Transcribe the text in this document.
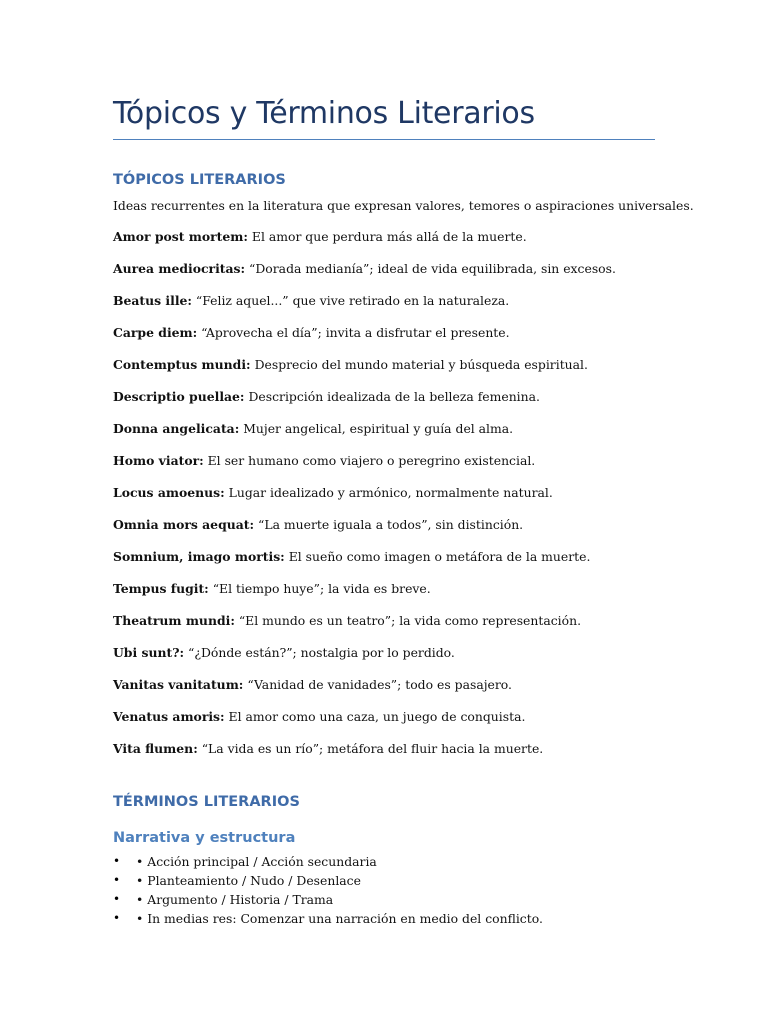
Tópicos y Términos Literarios
TÓPICOS LITERARIOS

Ideas recurrentes en la literatura que expresan valores, temores o aspiraciones universales.

Amor post mortem: El amor que perdura más allá de la muerte.
Aurea mediocritas: “Dorada medianía”; ideal de vida equilibrada, sin excesos.
Beatus ille: “Feliz aquel...” que vive retirado en la naturaleza.
Carpe diem: “Aprovecha el día”; invita a disfrutar el presente.
Contemptus mundi: Desprecio del mundo material y búsqueda espiritual.
Descriptio puellae: Descripción idealizada de la belleza femenina.
Donna angelicata: Mujer angelical, espiritual y guía del alma.
Homo viator: El ser humano como viajero o peregrino existencial.
Locus amoenus: Lugar idealizado y armónico, normalmente natural.
Omnia mors aequat: “La muerte iguala a todos”, sin distinción.
Somnium, imago mortis: El sueño como imagen o metáfora de la muerte.
Tempus fugit: “El tiempo huye”; la vida es breve.
Theatrum mundi: “El mundo es un teatro”; la vida como representación.
Ubi sunt?: “¿Dónde están?”; nostalgia por lo perdido.
Vanitas vanitatum: “Vanidad de vanidades”; todo es pasajero.
Venatus amoris: El amor como una caza, un juego de conquista.
Vita flumen: “La vida es un río”; metáfora del fluir hacia la muerte.
TÉRMINOS LITERARIOS
Narrativa y estructura
•	• Acción principal / Acción secundaria
•	• Planteamiento / Nudo / Desenlace
•	• Argumento / Historia / Trama
•	• In medias res: Comenzar una narración en medio del conflicto.
